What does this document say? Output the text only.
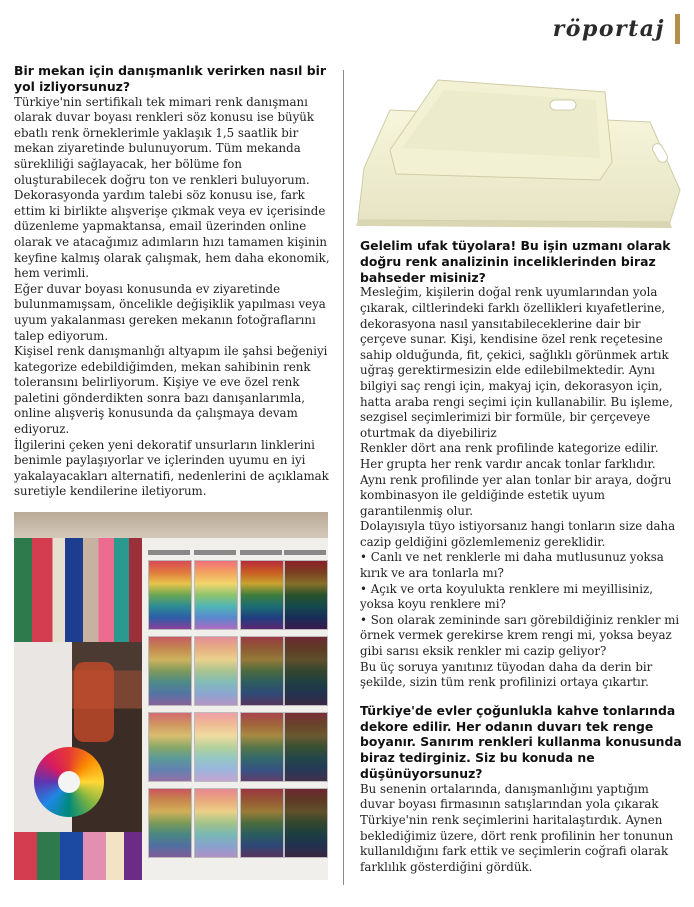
röportaj

Bir mekan için danışmanlık verirken nasıl bir yol izliyorsunuz?

Türkiye'nin sertifikalı tek mimari renk danışmanı olarak duvar boyası renkleri söz konusu ise büyük ebatlı renk örneklerimle yaklaşık 1,5 saatlik bir mekan ziyaretinde bulunuyorum. Tüm mekanda sürekliliği sağlayacak, her bölüme fon oluşturabilecek doğru ton ve renkleri buluyorum.

Dekorasyonda yardım talebi söz konusu ise, fark ettim ki birlikte alışverişe çıkmak veya ev içerisinde düzenleme yapmaktansa, email üzerinden online olarak ve atacağımız adımların hızı tamamen kişinin keyfine kalmış olarak çalışmak, hem daha ekonomik, hem verimli.

Eğer duvar boyası konusunda ev ziyaretinde bulunmamışsam, öncelikle değişiklik yapılması veya uyum yakalanması gereken mekanın fotoğraflarını talep ediyorum.

Kişisel renk danışmanlığı altyapım ile şahsi beğeniyi kategorize edebildiğimden, mekan sahibinin renk toleransını belirliyorum. Kişiye ve eve özel renk paletini gönderdikten sonra bazı danışanlarımla, online alışveriş konusunda da çalışmaya devam ediyoruz.

İlgilerini çeken yeni dekoratif unsurların linklerini benimle paylaşıyorlar ve içlerinden uyumu en iyi yakalayacakları alternatifi, nedenlerini de açıklamak suretiyle kendilerine iletiyorum.

Gelelim ufak tüyolara! Bu işin uzmanı olarak doğru renk analizinin inceliklerinden biraz bahseder misiniz?

Mesleğim, kişilerin doğal renk uyumlarından yola çıkarak, ciltlerindeki farklı özellikleri kıyafetlerine, dekorasyona nasıl yansıtabileceklerine dair bir çerçeve sunar. Kişi, kendisine özel renk reçetesine sahip olduğunda, fit, çekici, sağlıklı görünmek artık uğraş gerektirmesizin elde edilebilmektedir. Aynı bilgiyi saç rengi için, makyaj için, dekorasyon için, hatta araba rengi seçimi için kullanabilir. Bu işleme, sezgisel seçimlerimizi bir formüle, bir çerçeveye oturtmak da diyebiliriz

Renkler dört ana renk profilinde kategorize edilir. Her grupta her renk vardır ancak tonlar farklıdır. Aynı renk profilinde yer alan tonlar bir araya, doğru kombinasyon ile geldiğinde estetik uyum garantilenmiş olur.

Dolayısıyla tüyo istiyorsanız hangi tonların size daha cazip geldiğini gözlemlemeniz gereklidir.

• Canlı ve net renklerle mi daha mutlusunuz yoksa kırık ve ara tonlarla mı?

• Açık ve orta koyulukta renklere mi meyillisiniz, yoksa koyu renklere mi?

• Son olarak zemininde sarı görebildiğiniz renkler mi örnek vermek gerekirse krem rengi mi, yoksa beyaz gibi sarısı eksik renkler mi cazip geliyor?

Bu üç soruya yanıtınız tüyodan daha da derin bir şekilde, sizin tüm renk profilinizi ortaya çıkartır.

Türkiye'de evler çoğunlukla kahve tonlarında dekore edilir. Her odanın duvarı tek renge boyanır. Sanırım renkleri kullanma konusunda biraz tedirginiz. Siz bu konuda ne düşünüyorsunuz?

Bu senenin ortalarında, danışmanlığını yaptığım duvar boyası firmasının satışlarından yola çıkarak Türkiye'nin renk seçimlerini haritalaştırdık. Aynen beklediğimiz üzere, dört renk profilinin her tonunun kullanıldığını fark ettik ve seçimlerin coğrafi olarak farklılık gösterdiğini gördük.
